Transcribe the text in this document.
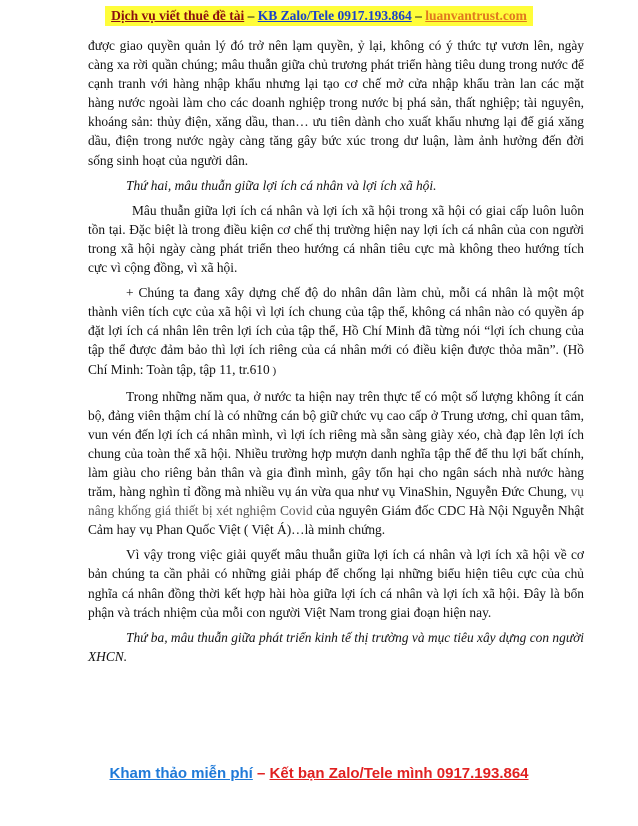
Dịch vụ viết thuê đề tài – KB Zalo/Tele 0917.193.864 – luanvantrust.com

được giao quyền quản lý đó trở nên lạm quyền, ỷ lại, không có ý thức tự vươn lên, ngày càng xa rời quần chúng; mâu thuẫn giữa chủ trương phát triển hàng tiêu dung trong nước để cạnh tranh với hàng nhập khẩu nhưng lại tạo cơ chế mở cửa nhập khẩu tràn lan các mặt hàng nước ngoài làm cho các doanh nghiệp trong nước bị phá sản, thất nghiệp; tài nguyên, khoáng sản: thủy điện, xăng dầu, than… ưu tiên dành cho xuất khẩu nhưng lại để giá xăng dầu, điện trong nước ngày càng tăng gây bức xúc trong dư luận, làm ảnh hưởng đến đời sống sinh hoạt của người dân.

Thứ hai, mâu thuẫn giữa lợi ích cá nhân và lợi ích xã hội.

Mâu thuẫn giữa lợi ích cá nhân và lợi ích xã hội trong xã hội có giai cấp luôn luôn tồn tại. Đặc biệt là trong điều kiện cơ chế thị trường hiện nay lợi ích cá nhân của con người trong xã hội ngày càng phát triển theo hướng cá nhân tiêu cực mà không theo hướng tích cực vì cộng đồng, vì xã hội.

+ Chúng ta đang xây dựng chế độ do nhân dân làm chủ, mỗi cá nhân là một một thành viên tích cực của xã hội vì lợi ích chung của tập thể, không cá nhân nào có quyền áp đặt lợi ích cá nhân lên trên lợi ích của tập thể, Hồ Chí Minh đã từng nói “lợi ích chung của tập thể được đảm bảo thì lợi ích riêng của cá nhân mới có điều kiện được thỏa mãn”. (Hồ Chí Minh: Toàn tập, tập 11, tr.610 )

Trong những năm qua, ở nước ta hiện nay trên thực tế có một số lượng không ít cán bộ, đảng viên thậm chí là có những cán bộ giữ chức vụ cao cấp ở Trung ương, chỉ quan tâm, vun vén đến lợi ích cá nhân mình, vì lợi ích riêng mà sẵn sàng giày xéo, chà đạp lên lợi ích chung của toàn thể xã hội. Nhiều trường hợp mượn danh nghĩa tập thể để thu lợi bất chính, làm giàu cho riêng bản thân và gia đình mình, gây tổn hại cho ngân sách nhà nước hàng trăm, hàng nghìn tỉ đồng mà nhiều vụ án vừa qua như vụ VinaShin, Nguyễn Đức Chung, vụ nâng khống giá thiết bị xét nghiệm Covid của nguyên Giám đốc CDC Hà Nội Nguyễn Nhật Cảm hay vụ Phan Quốc Việt ( Việt Á)…là minh chứng.

Vì vậy trong việc giải quyết mâu thuẫn giữa lợi ích cá nhân và lợi ích xã hội về cơ bản chúng ta cần phải có những giải pháp để chống lại những biểu hiện tiêu cực của chủ nghĩa cá nhân đồng thời kết hợp hài hòa giữa lợi ích cá nhân và lợi ích xã hội. Đây là bổn phận và trách nhiệm của mỗi con người Việt Nam trong giai đoạn hiện nay.

Thứ ba, mâu thuẫn giữa phát triển kinh tế thị trường và mục tiêu xây dựng con người XHCN.

Kham thảo miễn phí – Kết bạn Zalo/Tele mình 0917.193.864
